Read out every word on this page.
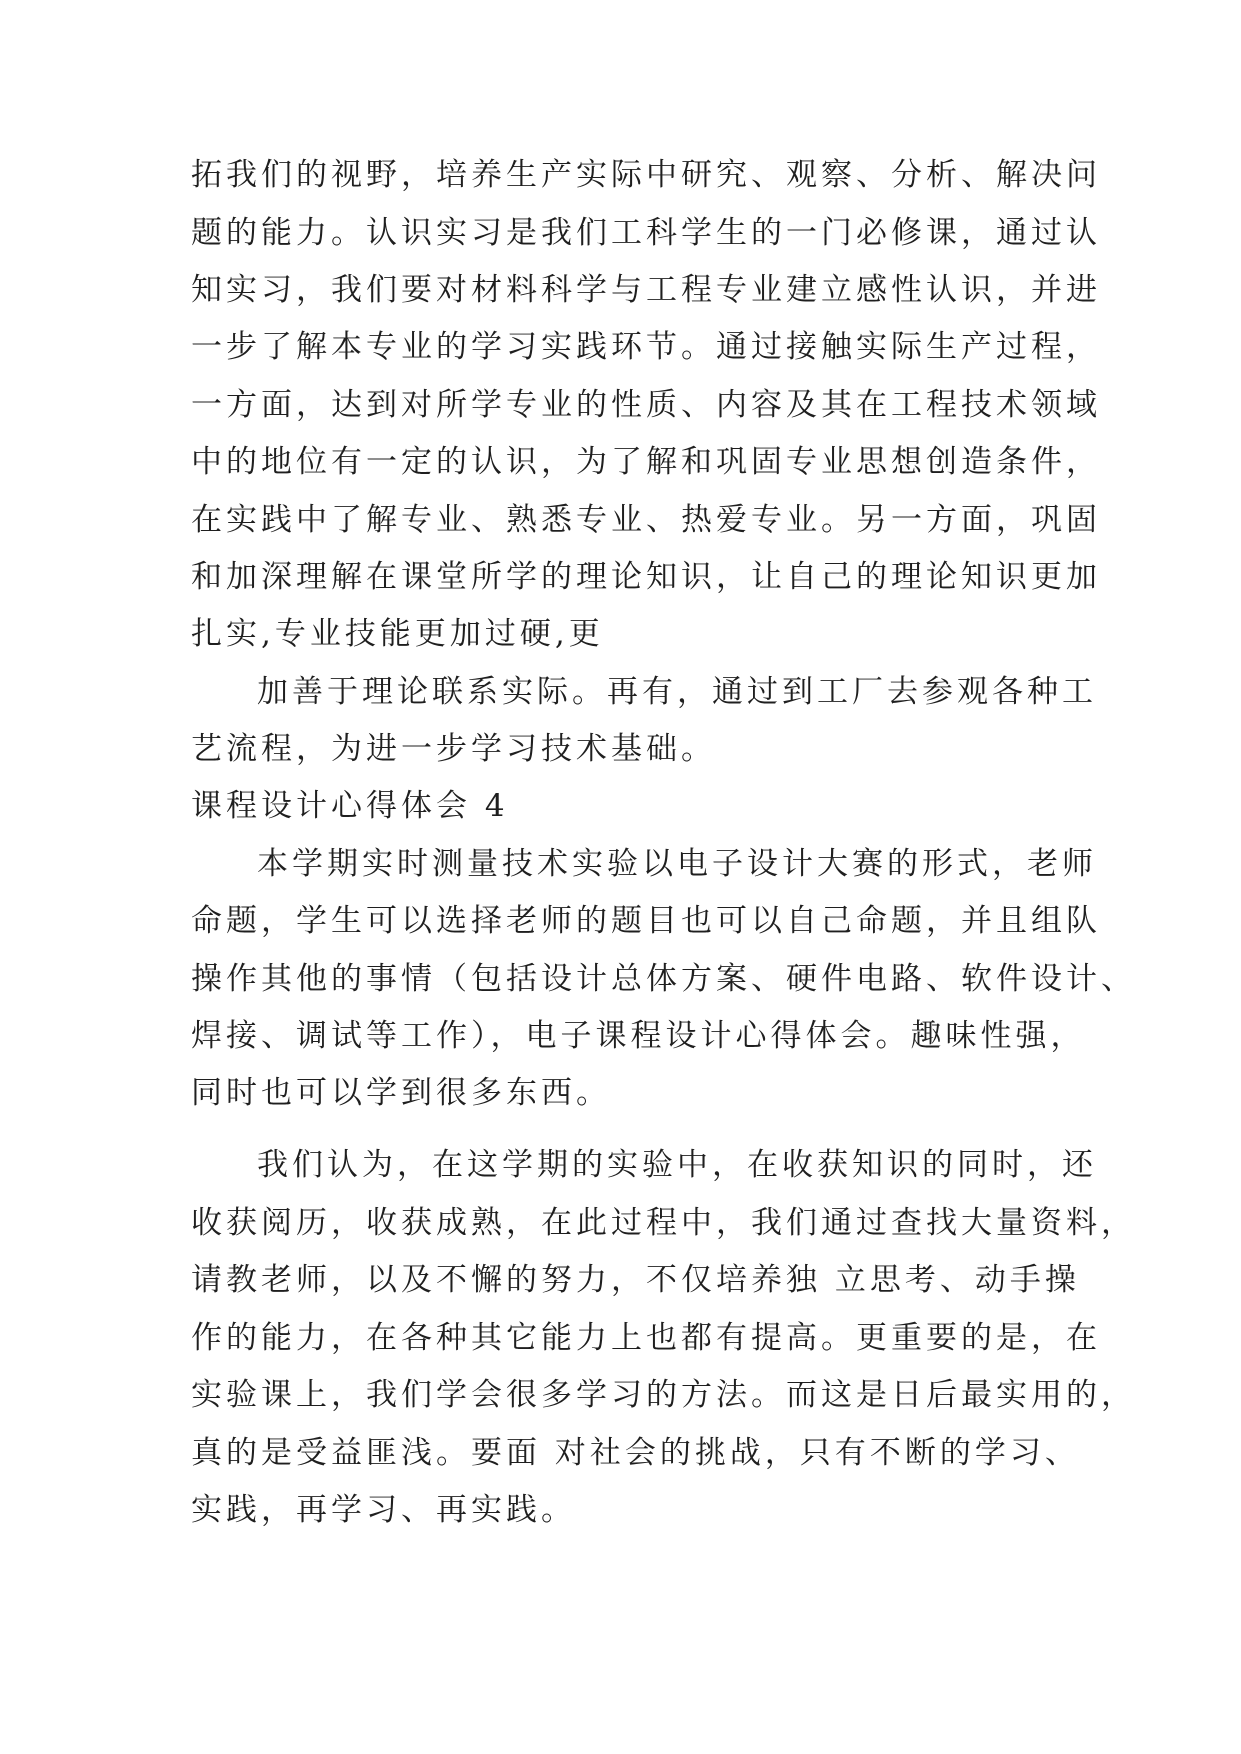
拓我们的视野，培养生产实际中研究、观察、分析、解决问
题的能力。认识实习是我们工科学生的一门必修课，通过认
知实习，我们要对材料科学与工程专业建立感性认识，并进
一步了解本专业的学习实践环节。通过接触实际生产过程，
一方面，达到对所学专业的性质、内容及其在工程技术领域
中的地位有一定的认识，为了解和巩固专业思想创造条件，
在实践中了解专业、熟悉专业、热爱专业。另一方面，巩固
和加深理解在课堂所学的理论知识，让自己的理论知识更加
扎实,专业技能更加过硬,更
加善于理论联系实际。再有，通过到工厂去参观各种工
艺流程，为进一步学习技术基础。
课程设计心得体会 4
本学期实时测量技术实验以电子设计大赛的形式，老师
命题，学生可以选择老师的题目也可以自己命题，并且组队
操作其他的事情（包括设计总体方案、硬件电路、软件设计、
焊接、调试等工作），电子课程设计心得体会。趣味性强，
同时也可以学到很多东西。
我们认为，在这学期的实验中，在收获知识的同时，还
收获阅历，收获成熟，在此过程中，我们通过查找大量资料，
请教老师，以及不懈的努力，不仅培养独 立思考、动手操
作的能力，在各种其它能力上也都有提高。更重要的是，在
实验课上，我们学会很多学习的方法。而这是日后最实用的，
真的是受益匪浅。要面 对社会的挑战，只有不断的学习、
实践，再学习、再实践。
